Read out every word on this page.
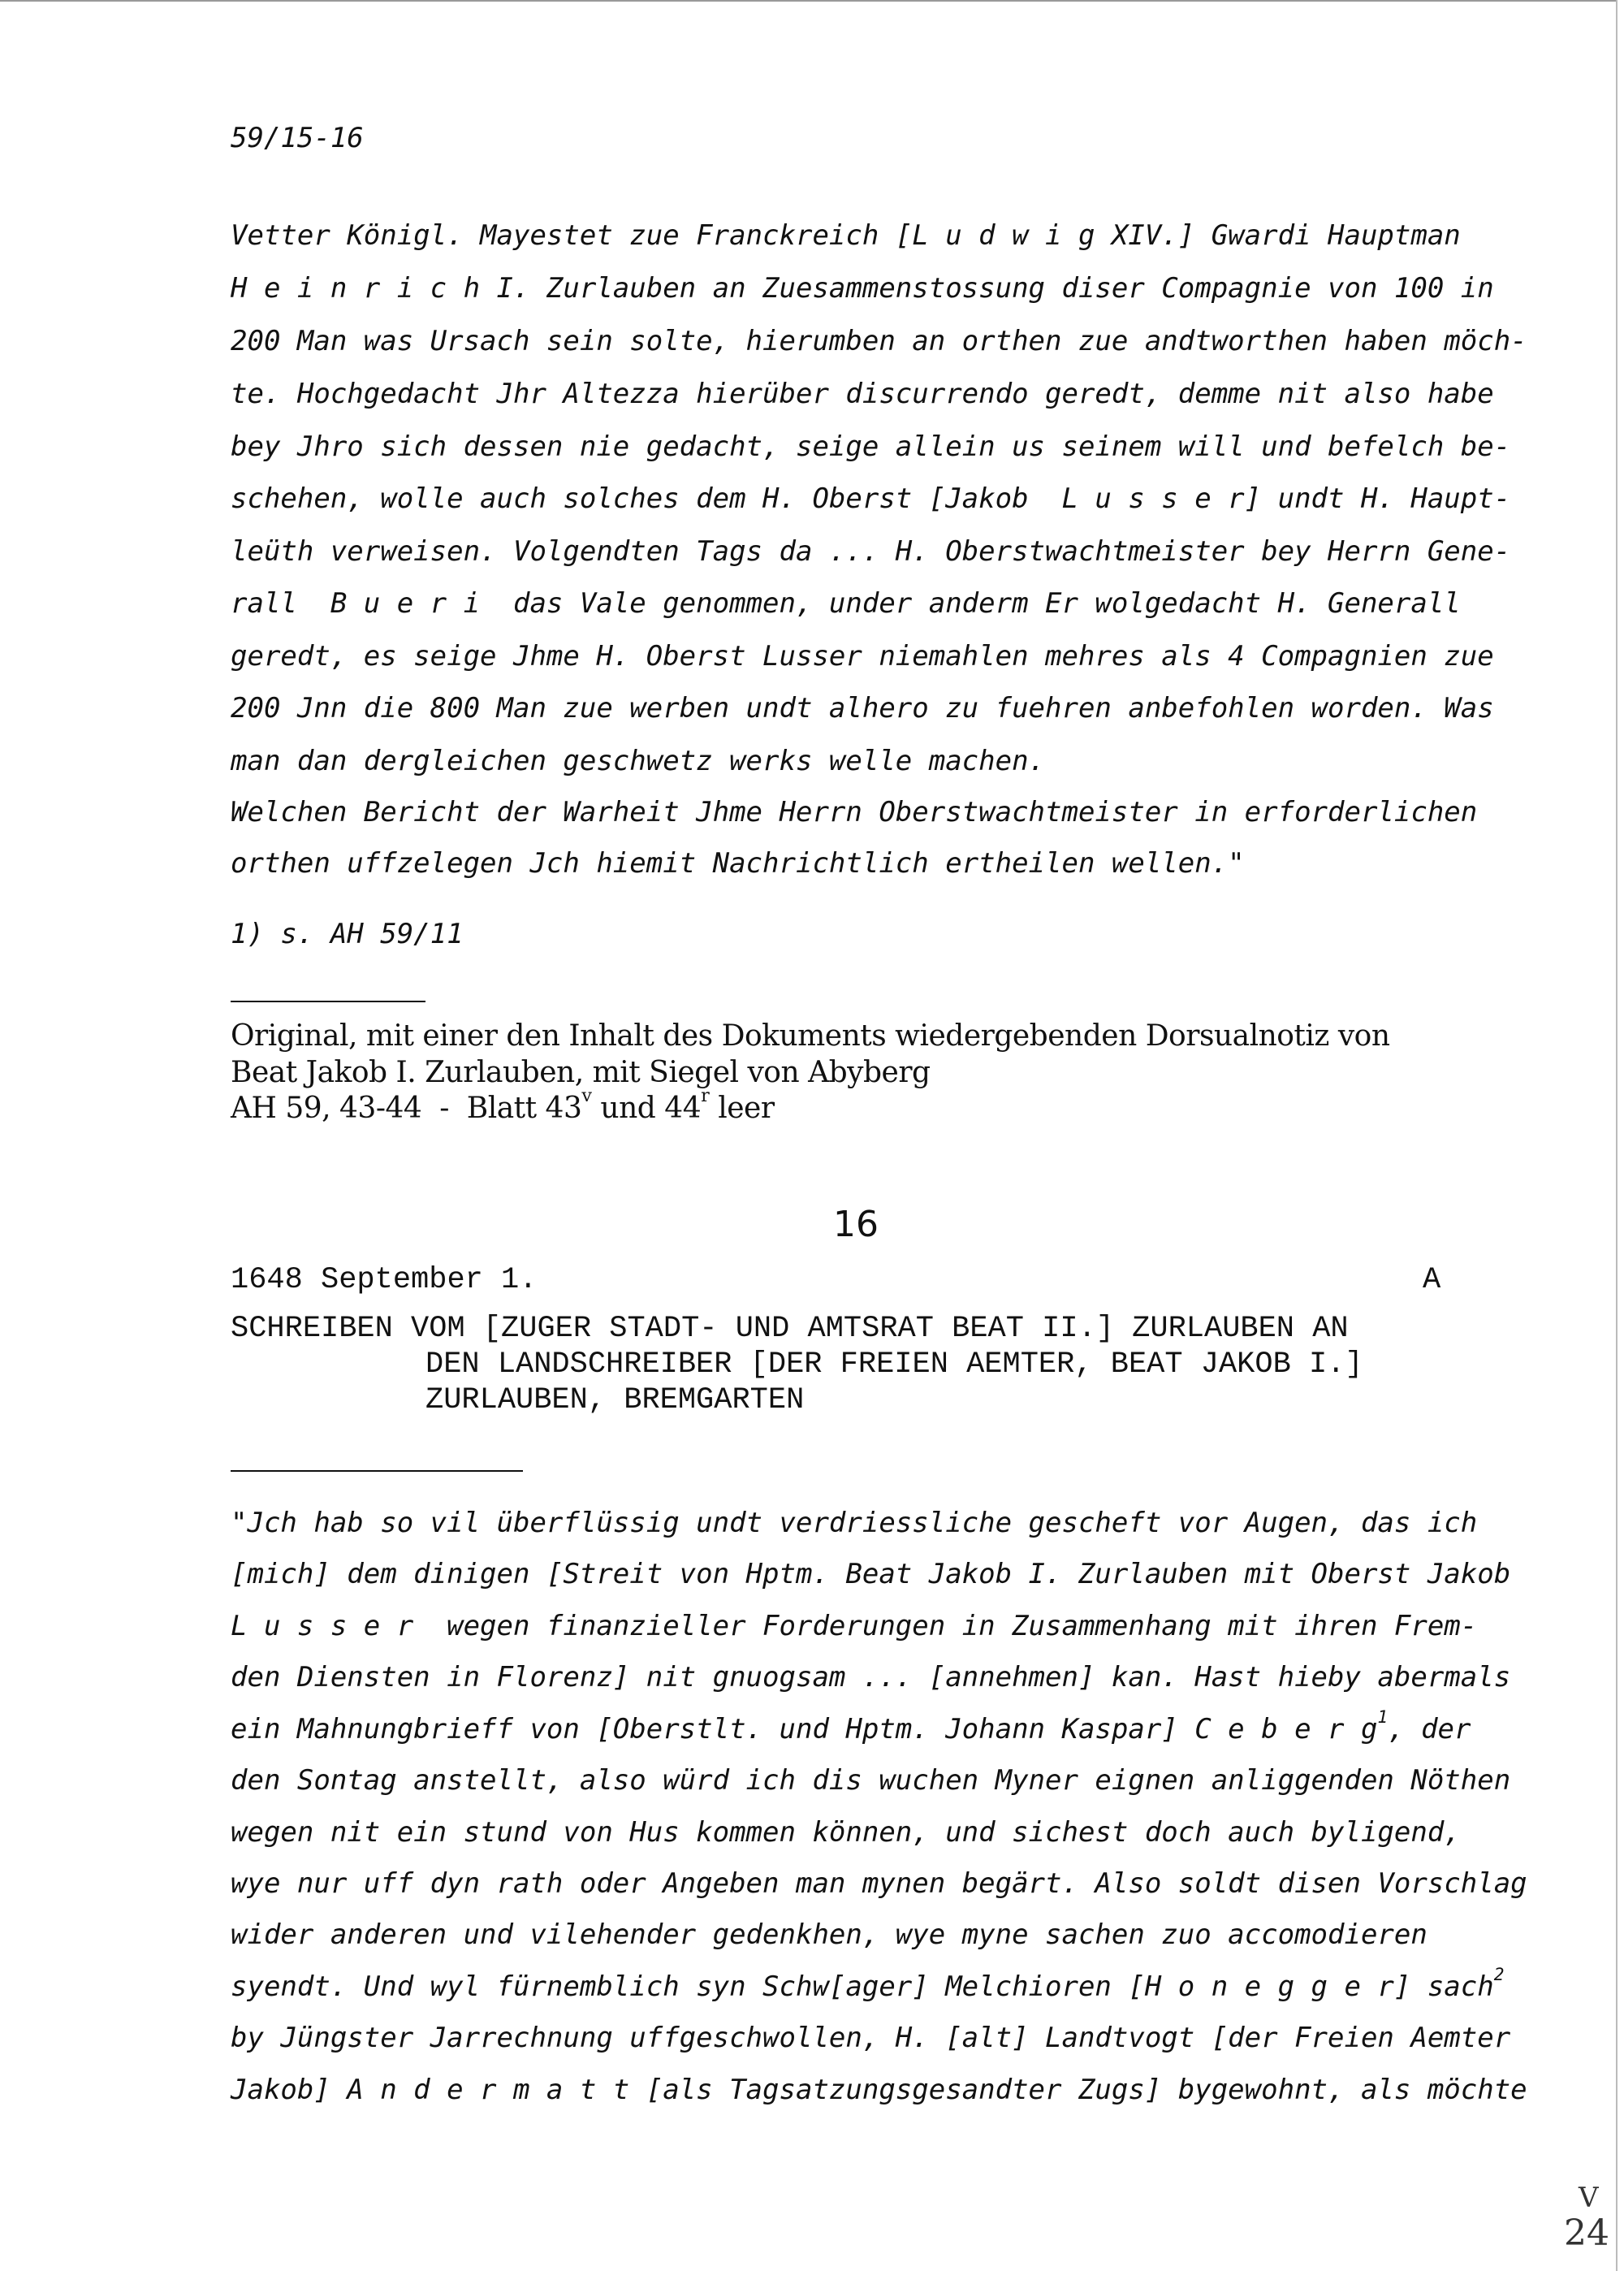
59/15-16
Vetter Königl. Mayestet zue Franckreich [L u d w i g XIV.] Gwardi Hauptman
H e i n r i c h I. Zurlauben an Zuesammenstossung diser Compagnie von 100 in
200 Man was Ursach sein solte, hierumben an orthen zue andtworthen haben möch-
te. Hochgedacht Jhr Altezza hierüber discurrendo geredt, demme nit also habe
bey Jhro sich dessen nie gedacht, seige allein us seinem will und befelch be-
schehen, wolle auch solches dem H. Oberst [Jakob  L u s s e r] undt H. Haupt-
leüth verweisen. Volgendten Tags da ... H. Oberstwachtmeister bey Herrn Gene-
rall  B u e r i  das Vale genommen, under anderm Er wolgedacht H. Generall
geredt, es seige Jhme H. Oberst Lusser niemahlen mehres als 4 Compagnien zue
200 Jnn die 800 Man zue werben undt alhero zu fuehren anbefohlen worden. Was
man dan dergleichen geschwetz werks welle machen.
Welchen Bericht der Warheit Jhme Herrn Oberstwachtmeister in erforderlichen
orthen uffzelegen Jch hiemit Nachrichtlich ertheilen wellen."
1) s. AH 59/11
Original, mit einer den Inhalt des Dokuments wiedergebenden Dorsualnotiz von
Beat Jakob I. Zurlauben, mit Siegel von Abyberg
AH 59, 43-44  -  Blatt 43$^v$ und 44$^r$ leer
16
1648 September 1.	A
SCHREIBEN VOM [ZUGER STADT- UND AMTSRAT BEAT II.] ZURLAUBEN AN
DEN LANDSCHREIBER [DER FREIEN AEMTER, BEAT JAKOB I.]
ZURLAUBEN, BREMGARTEN
"Jch hab so vil überflüssig undt verdriessliche gescheft vor Augen, das ich
[mich] dem dinigen [Streit von Hptm. Beat Jakob I. Zurlauben mit Oberst Jakob
L u s s e r  wegen finanzieller Forderungen in Zusammenhang mit ihren Frem-
den Diensten in Florenz] nit gnuogsam ... [annehmen] kan. Hast hieby abermals
ein Mahnungbrieff von [Oberstlt. und Hptm. Johann Kaspar] C e b e r $g^1$, der
den Sontag anstellt, also würd ich dis wuchen Myner eignen anliggenden Nöthen
wegen nit ein stund von Hus kommen können, und sichest doch auch byligend,
wye nur uff dyn rath oder Angeben man mynen begärt. Also soldt disen Vorschlag
wider anderen und vilehender gedenkhen, wye myne sachen zuo accomodieren
syendt. Und wyl fürnemblich syn Schw[ager] Melchioren [H o n e g g e r] sach$^2$
by Jüngster Jarrechnung uffgeschwollen, H. [alt] Landtvogt [der Freien Aemter
Jakob] A n d e r m a t t [als Tagsatzungsgesandter Zugs] bygewohnt, als möchte
V
24
